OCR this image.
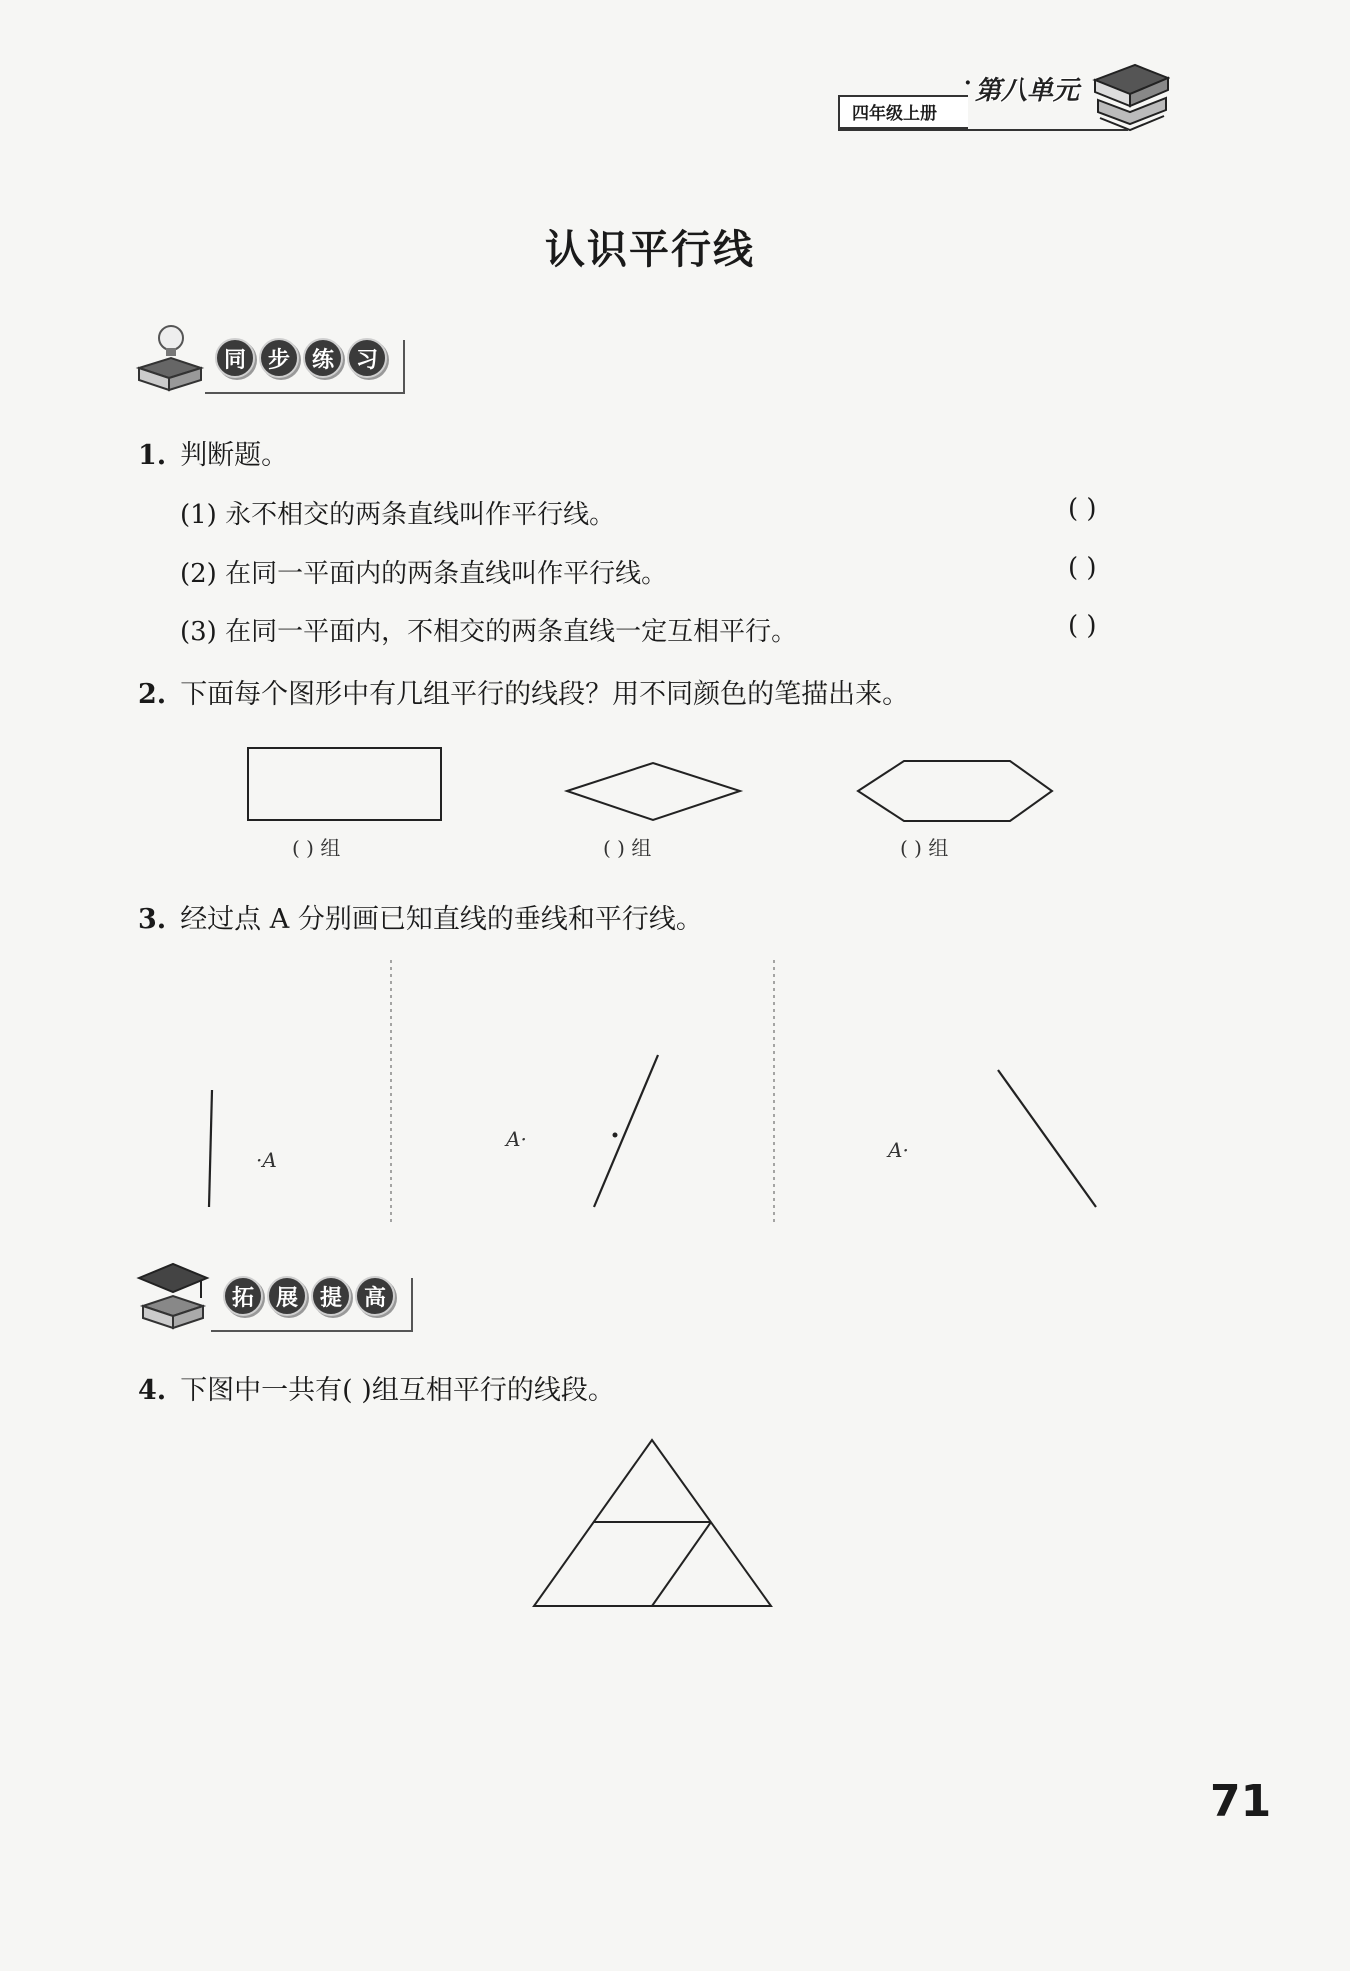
四年级上册
· 第八单元
认识平行线
同 步 练 习
1. 判断题。
(1) 永不相交的两条直线叫作平行线。	( )
(2) 在同一平面内的两条直线叫作平行线。	( )
(3) 在同一平面内，不相交的两条直线一定互相平行。	( )
2. 下面每个图形中有几组平行的线段？用不同颜色的笔描出来。
( ) 组	( ) 组	( ) 组
3. 经过点 A 分别画已知直线的垂线和平行线。
·A
A·	A·
拓 展 提 高
4. 下图中一共有( )组互相平行的线段。
71
